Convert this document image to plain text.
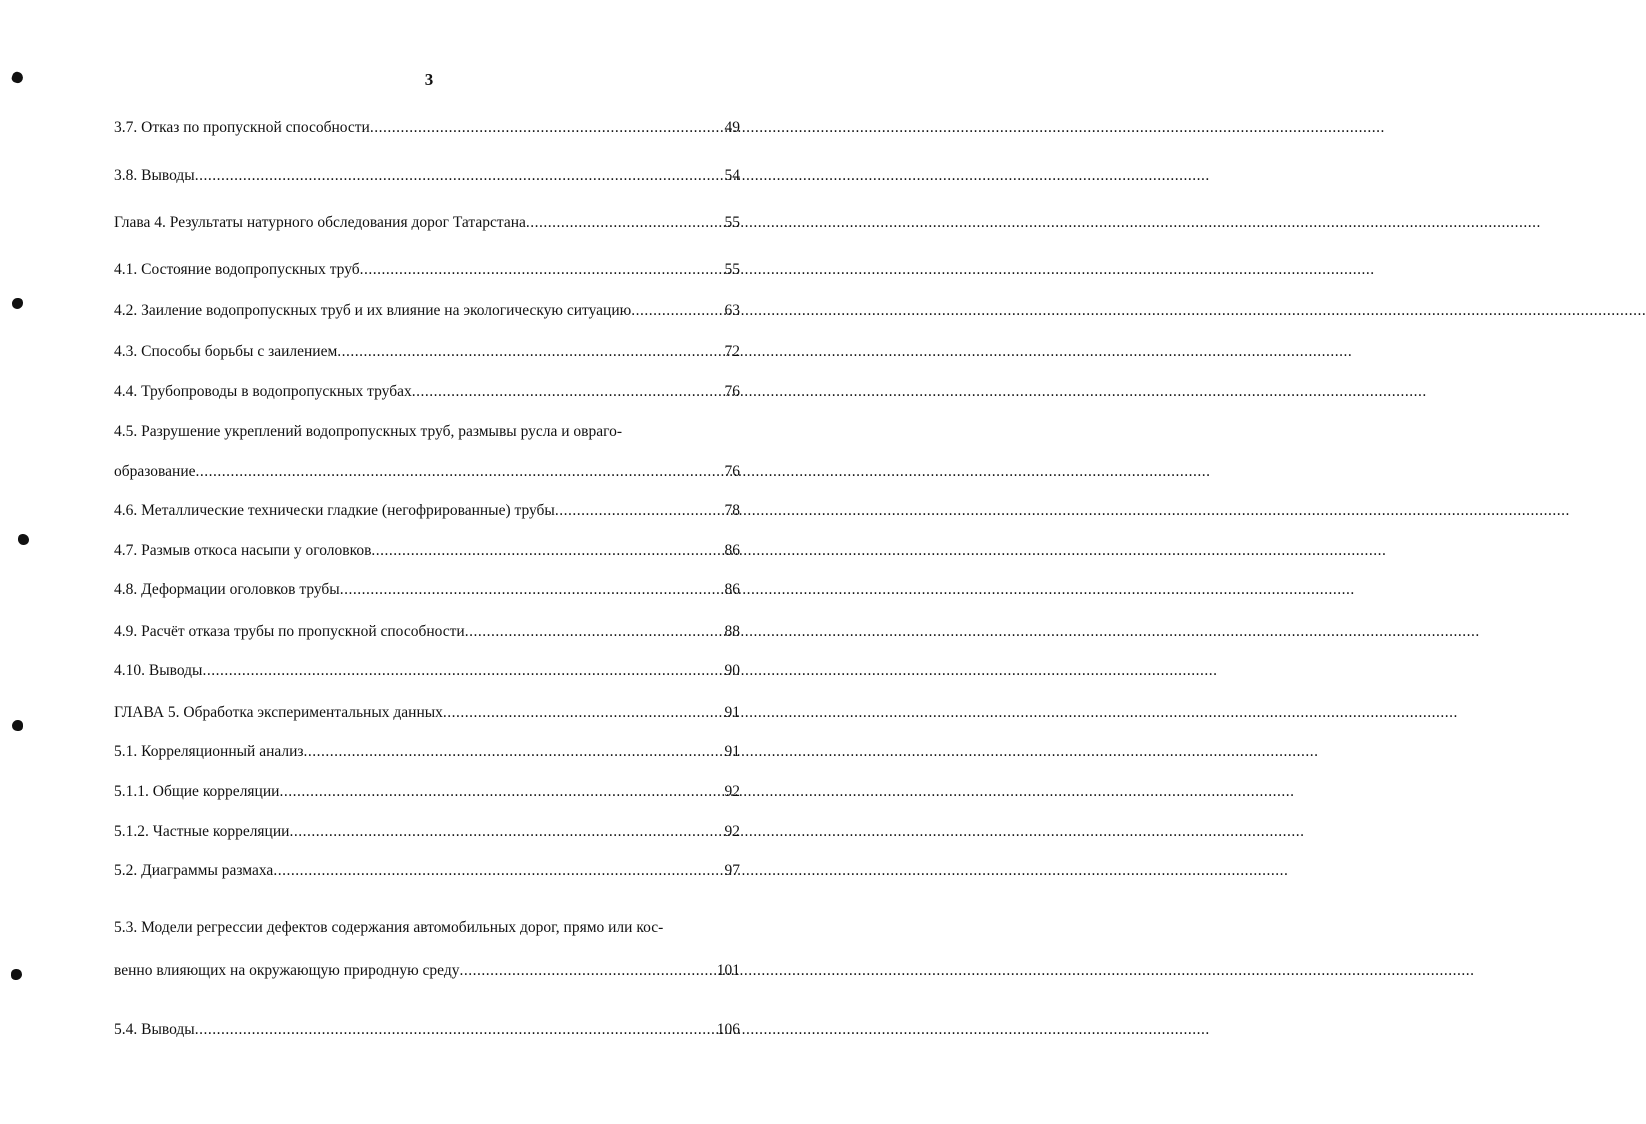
3
3.7. Отказ по пропускной способности .....	49
3.8. Выводы .....	54
Глава 4. Результаты натурного обследования дорог Татарстана .....	55
4.1. Состояние водопропускных труб .....	55
4.2. Заиление водопропускных труб и их влияние на экологическую ситуацию .....	63
4.3. Способы борьбы с заилением .....	72
4.4. Трубопроводы в водопропускных трубах .....	76
4.5. Разрушение укреплений водопропускных труб, размывы русла и овраго-
образование .....	76
4.6. Металлические технически гладкие (негофрированные) трубы .....	78
4.7. Размыв откоса насыпи у оголовков .....	86
4.8. Деформации оголовков трубы .....	86
4.9. Расчёт отказа трубы по пропускной способности .....	88
4.10. Выводы .....	90
ГЛАВА 5. Обработка экспериментальных данных .....	91
5.1. Корреляционный анализ .....	91
5.1.1. Общие корреляции .....	92
5.1.2. Частные корреляции .....	92
5.2. Диаграммы размаха .....	97
5.3. Модели регрессии дефектов содержания автомобильных дорог, прямо или кос-
венно влияющих на окружающую природную среду .....	101
5.4. Выводы .....	106
